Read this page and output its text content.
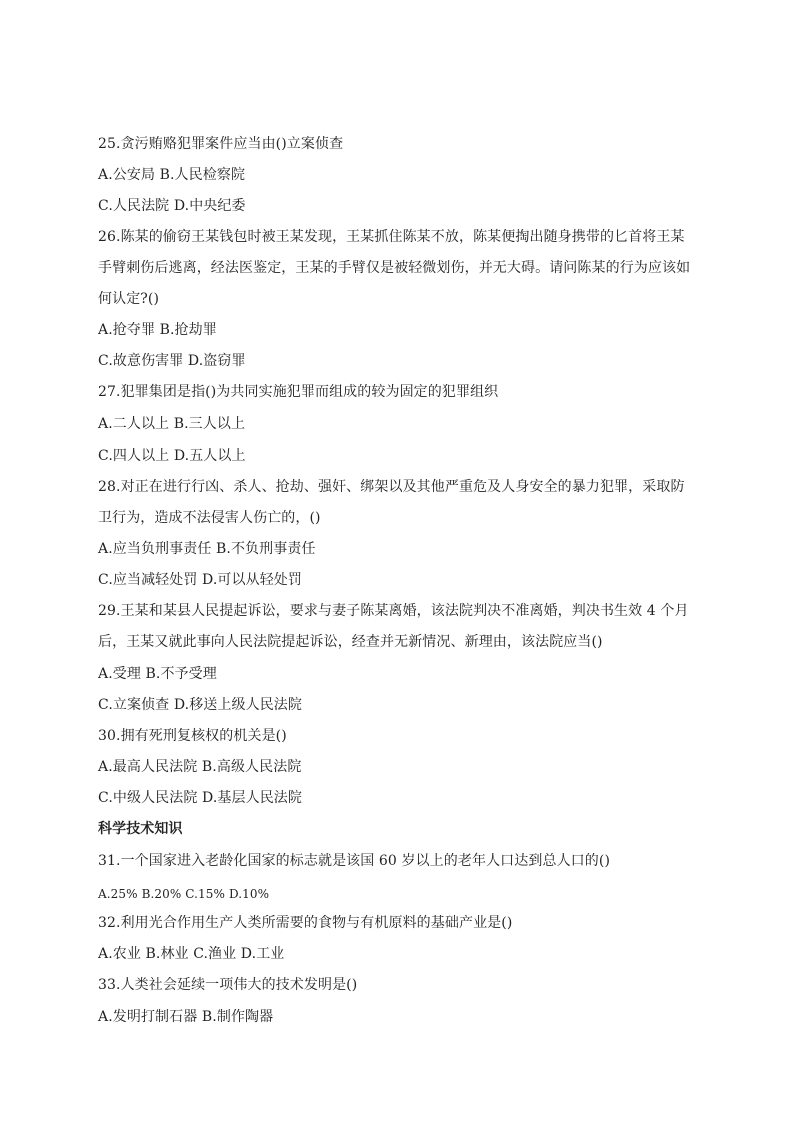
25.贪污贿赂犯罪案件应当由()立案侦查
A.公安局 B.人民检察院
C.人民法院 D.中央纪委
26.陈某的偷窃王某钱包时被王某发现，王某抓住陈某不放，陈某便掏出随身携带的匕首将王某
手臂刺伤后逃离，经法医鉴定，王某的手臂仅是被轻微划伤，并无大碍。请问陈某的行为应该如
何认定?()
A.抢夺罪 B.抢劫罪
C.故意伤害罪 D.盗窃罪
27.犯罪集团是指()为共同实施犯罪而组成的较为固定的犯罪组织
A.二人以上 B.三人以上
C.四人以上 D.五人以上
28.对正在进行行凶、杀人、抢劫、强奸、绑架以及其他严重危及人身安全的暴力犯罪，采取防
卫行为，造成不法侵害人伤亡的，()
A.应当负刑事责任 B.不负刑事责任
C.应当减轻处罚 D.可以从轻处罚
29.王某和某县人民提起诉讼，要求与妻子陈某离婚，该法院判决不准离婚，判决书生效 4 个月
后，王某又就此事向人民法院提起诉讼，经查并无新情况、新理由，该法院应当()
A.受理 B.不予受理
C.立案侦查 D.移送上级人民法院
30.拥有死刑复核权的机关是()
A.最高人民法院 B.高级人民法院
C.中级人民法院 D.基层人民法院
科学技术知识
31.一个国家进入老龄化国家的标志就是该国 60 岁以上的老年人口达到总人口的()
A.25% B.20% C.15% D.10%
32.利用光合作用生产人类所需要的食物与有机原料的基础产业是()
A.农业 B.林业 C.渔业 D.工业
33.人类社会延续一项伟大的技术发明是()
A.发明打制石器 B.制作陶器
